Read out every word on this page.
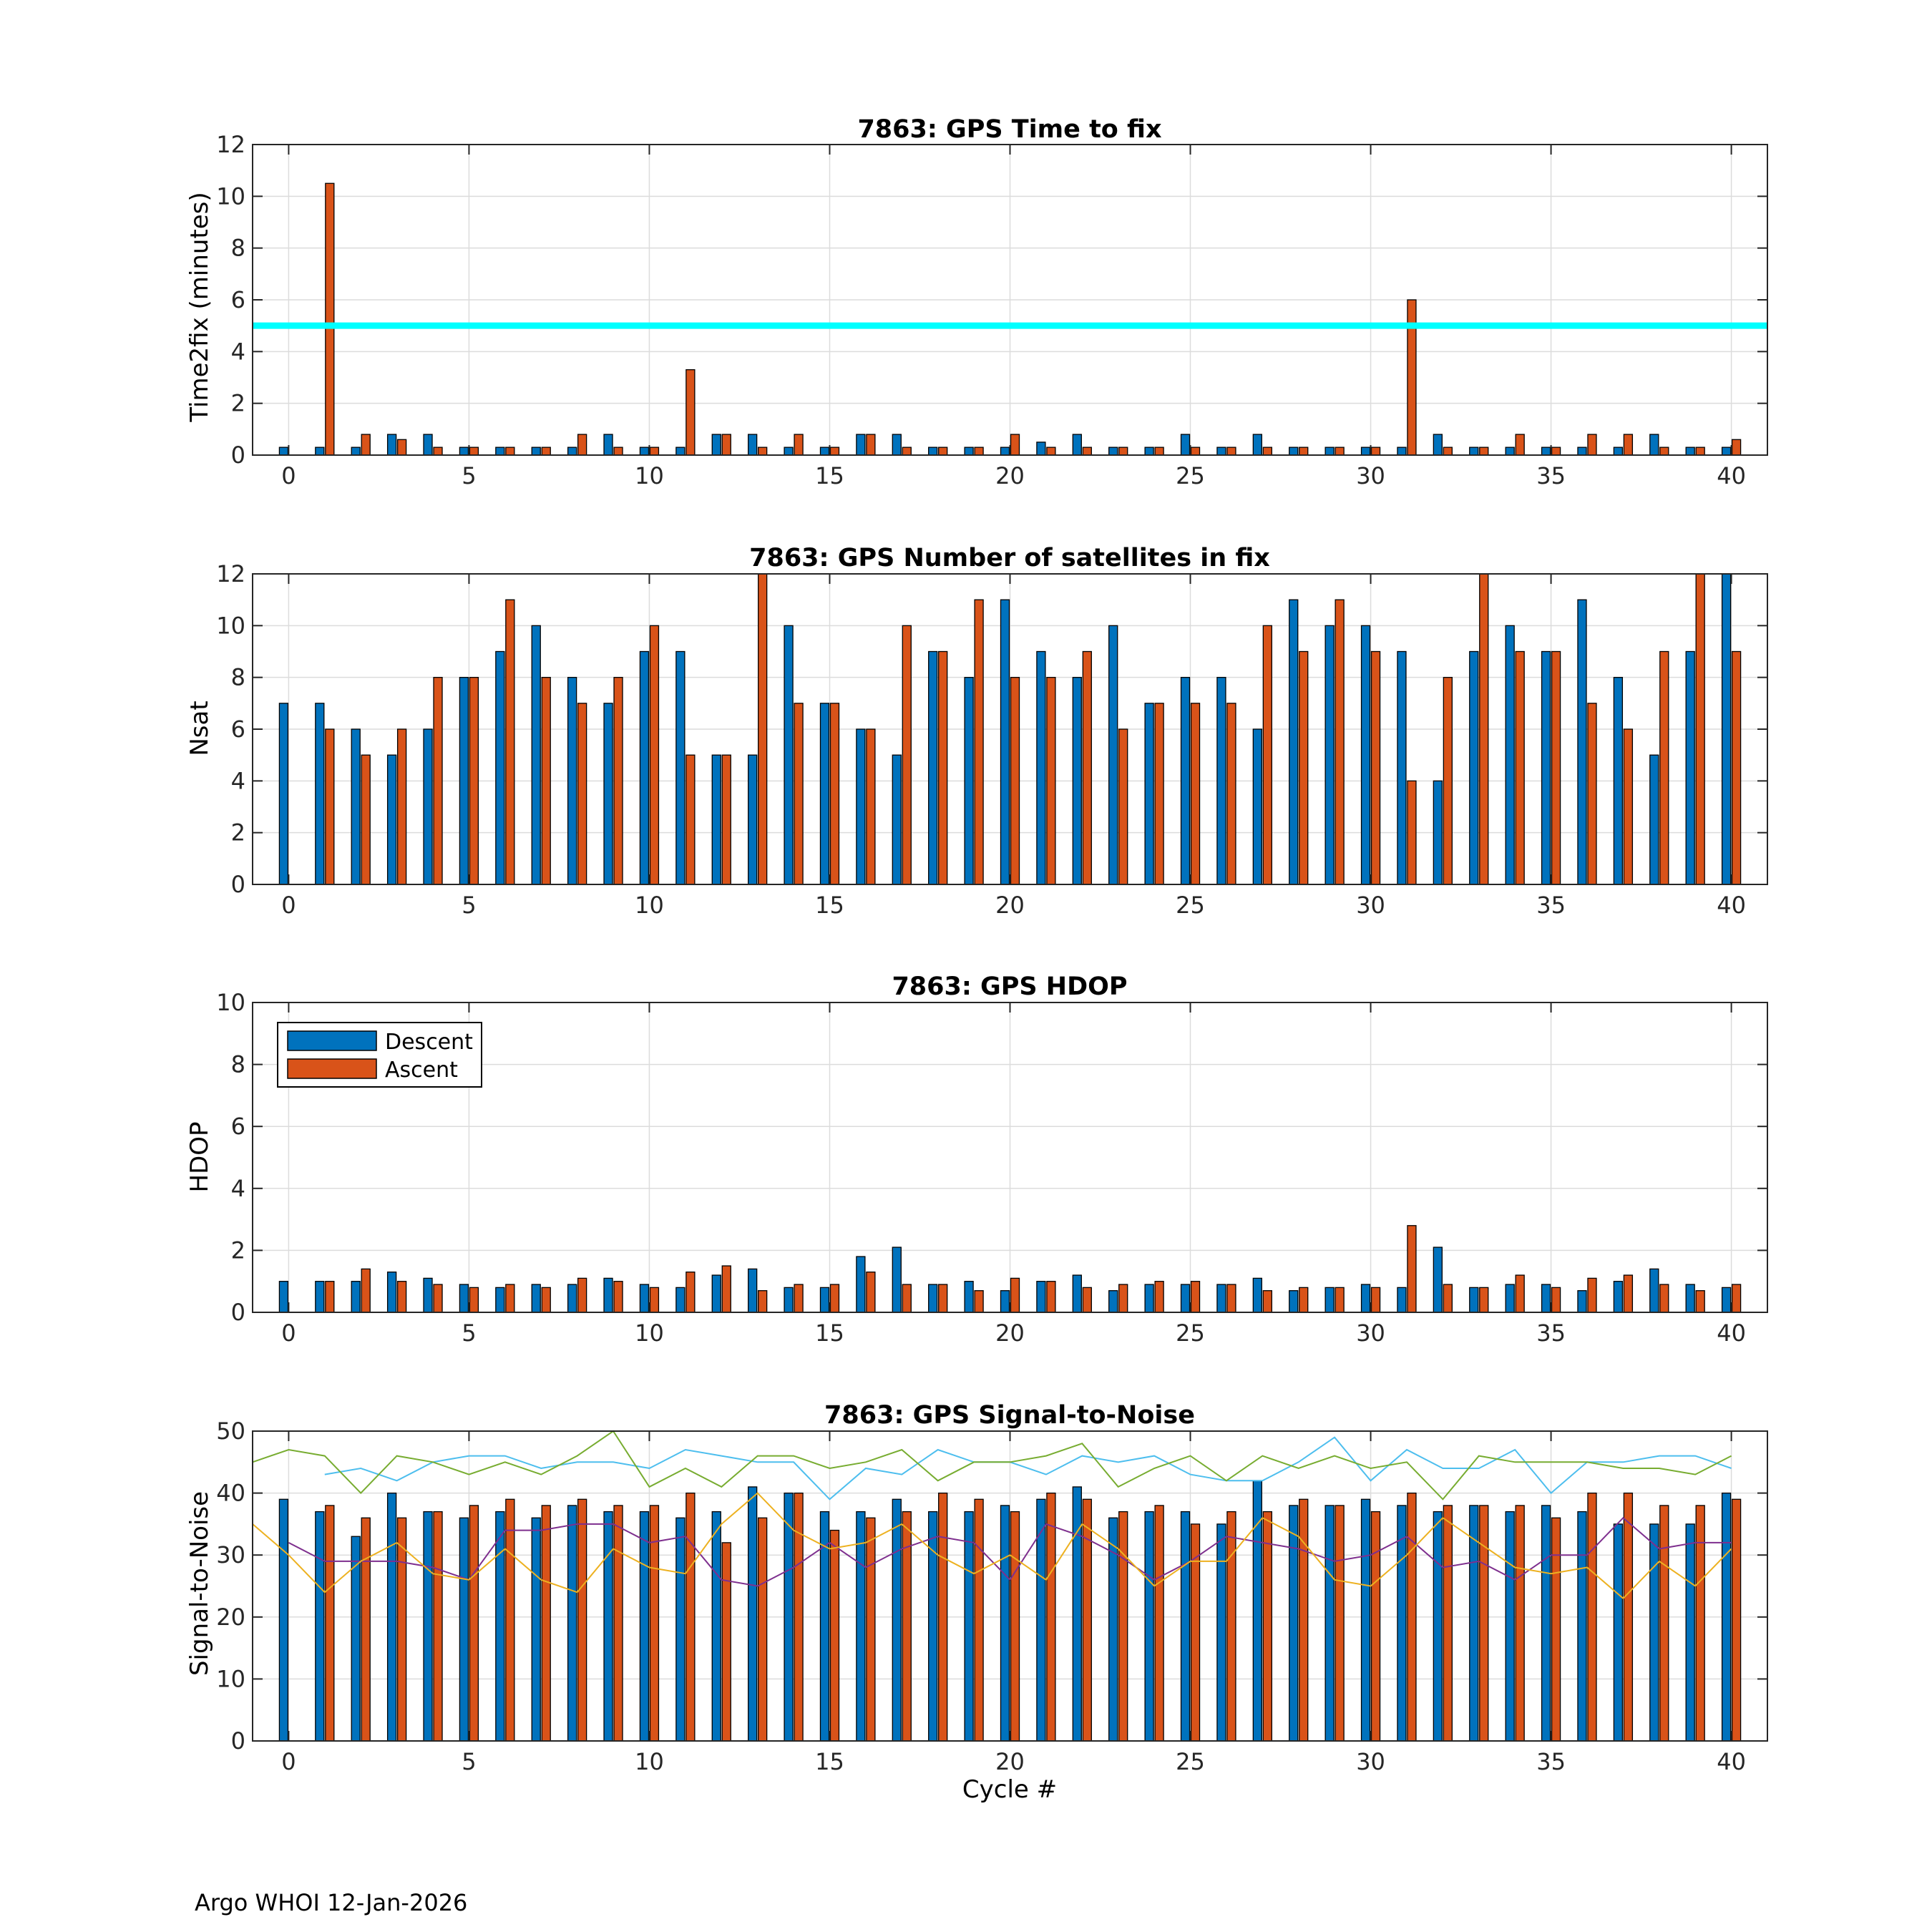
0	5	10	15	20	25	30	35	40
0
2
4
6
8
10
12
7863: GPS Time to fix
Time2fix (minutes)
0	5	10	15	20	25	30	35	40
0
2
4
6
8
10
12
7863: GPS Number of satellites in fix
Nsat
0	5	10	15	20	25	30	35	40
0
2
4
6
8
10
7863: GPS HDOP
HDOP
Descent
Ascent
0	5	10	15	20	25	30	35	40
0
10
20
30
40
50
7863: GPS Signal-to-Noise
Signal-to-Noise
Cycle #
Argo WHOI 12-Jan-2026
